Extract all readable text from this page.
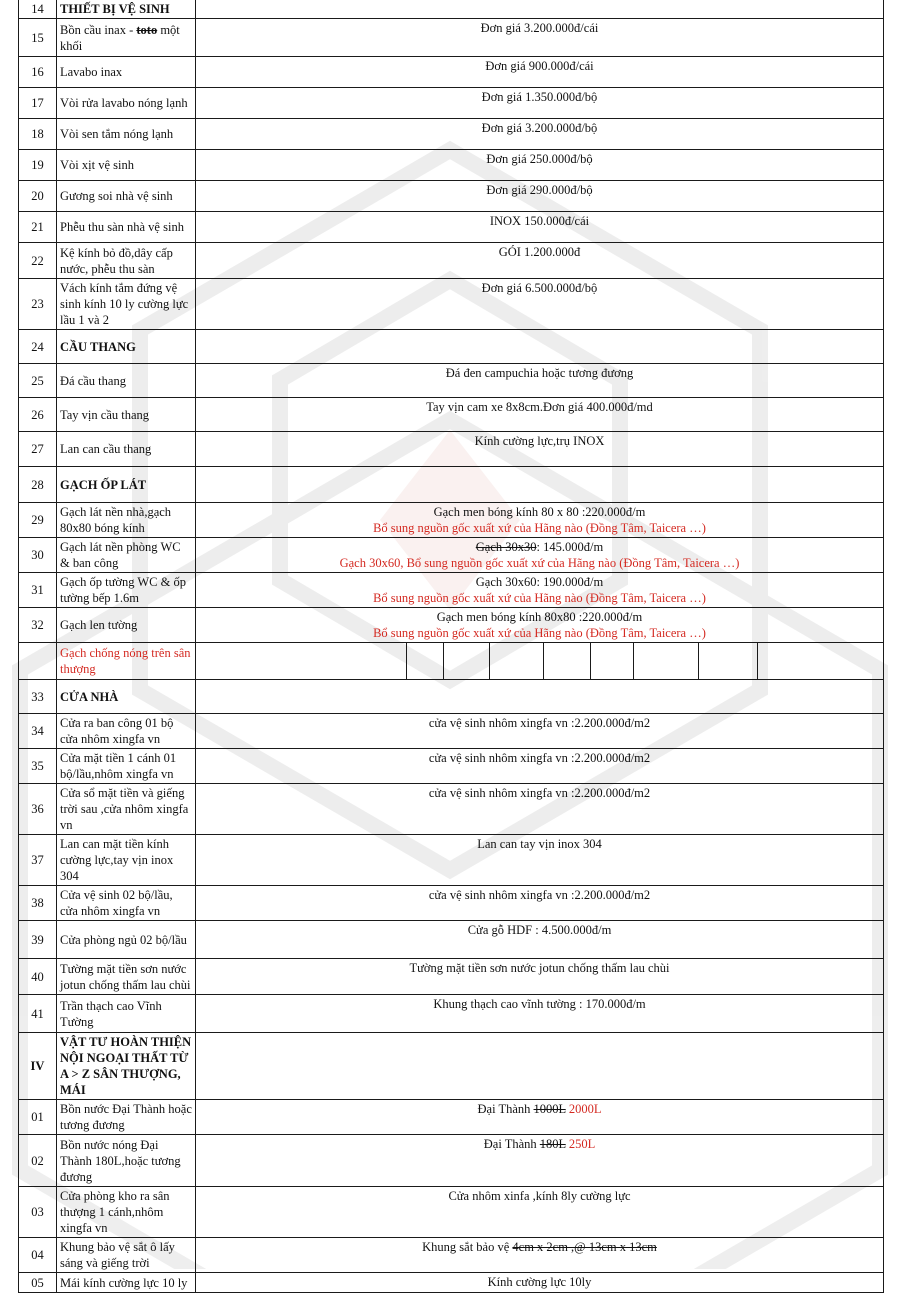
14	THIẾT BỊ VỆ SINH	
15	Bồn cầu inax - toto một khối	Đơn giá 3.200.000đ/cái
16	Lavabo inax	Đơn giá 900.000đ/cái
17	Vòi rửa lavabo nóng lạnh	Đơn giá 1.350.000đ/bộ
18	Vòi sen tắm nóng lạnh	Đơn giá 3.200.000đ/bộ
19	Vòi xịt vệ sinh	Đơn giá 250.000đ/bộ
20	Gương soi nhà vệ sinh	Đơn giá 290.000đ/bộ
21	Phễu thu sàn nhà vệ sinh	INOX 150.000đ/cái
22	Kệ kính bỏ đồ,dây cấp nước, phễu thu sàn	GÓI 1.200.000đ
23	Vách kính tắm đứng vệ sinh kính 10 ly cường lực lầu 1 và 2	Đơn giá 6.500.000đ/bộ
24	CẦU THANG	
25	Đá cầu thang	Đá đen campuchia hoặc tương đương
26	Tay vịn cầu thang	Tay vịn cam xe 8x8cm.Đơn giá 400.000đ/md
27	Lan can cầu thang	Kính cường lực,trụ INOX
28	GẠCH ỐP LÁT	
29	Gạch lát nền nhà,gạch 80x80 bóng kính	Gạch men bóng kính 80 x 80 :220.000đ/m
Bổ sung nguồn gốc xuất xứ của Hãng nào (Đồng Tâm, Taicera …)

30	Gạch lát nền phòng WC & ban công	Gạch 30x30: 145.000đ/m
Gạch 30x60, Bổ sung nguồn gốc xuất xứ của Hãng nào (Đồng Tâm, Taicera …)

31	Gạch ốp tường WC & ốp tường bếp 1.6m	Gạch 30x60: 190.000đ/m
Bổ sung nguồn gốc xuất xứ của Hãng nào (Đồng Tâm, Taicera …)

32	Gạch len tường	Gạch men bóng kính 80x80 :220.000đ/m
Bổ sung nguồn gốc xuất xứ của Hãng nào (Đồng Tâm, Taicera …)

	Gạch chống nóng trên sân thượng	

33	CỬA NHÀ	
34	Cửa ra ban công 01 bộ cửa nhôm xingfa vn	cửa vệ sinh nhôm xingfa vn :2.200.000đ/m2
35	Cửa mặt tiền 1 cánh 01 bộ/lầu,nhôm xingfa vn	cửa vệ sinh nhôm xingfa vn :2.200.000đ/m2
36	Cửa sổ mặt tiền và giếng trời sau ,cửa nhôm xingfa vn	cửa vệ sinh nhôm xingfa vn :2.200.000đ/m2
37	Lan can mặt tiền kính cường lực,tay vịn inox 304	Lan can tay vịn inox 304
38	Cửa vệ sinh 02 bộ/lầu, cửa nhôm xingfa vn	cửa vệ sinh nhôm xingfa vn :2.200.000đ/m2
39	Cửa phòng ngủ 02 bộ/lầu	Cửa gỗ HDF : 4.500.000đ/m
40	Tường mặt tiền sơn nước jotun chống thấm lau chùi	Tường mặt tiền sơn nước jotun chống thấm lau chùi
41	Trần thạch cao Vĩnh Tường	Khung thạch cao vĩnh tường : 170.000đ/m
IV	VẬT TƯ HOÀN THIỆN NỘI NGOẠI THẤT TỪ A > Z SÂN THƯỢNG, MÁI	
01	Bồn nước Đại Thành hoặc tương đương	Đại Thành 1000L 2000L
02	Bồn nước nóng Đại Thành 180L,hoặc tương đương	Đại Thành 180L 250L
03	Cửa phòng kho ra sân thượng 1 cánh,nhôm xingfa vn	Cửa nhôm xinfa ,kính 8ly cường lực
04	Khung bảo vệ sắt ô lấy sáng và giếng trời	Khung sắt bảo vệ 4cm x 2cm ,@ 13cm x 13cm
05	Mái kính cường lực 10 ly	Kính cường lực 10ly
